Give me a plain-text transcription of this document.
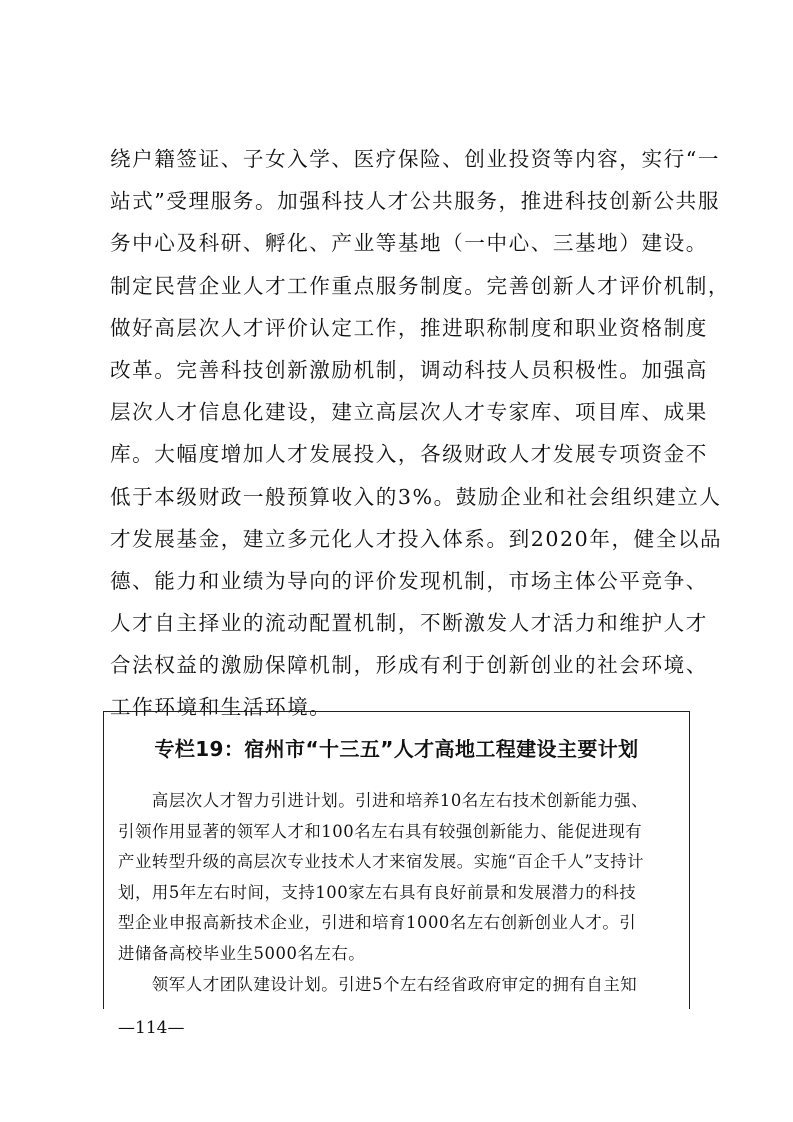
绕户籍签证、子女入学、医疗保险、创业投资等内容，实行“一
站式”受理服务。加强科技人才公共服务，推进科技创新公共服
务中心及科研、孵化、产业等基地（一中心、三基地）建设。
制定民营企业人才工作重点服务制度。完善创新人才评价机制，
做好高层次人才评价认定工作，推进职称制度和职业资格制度
改革。完善科技创新激励机制，调动科技人员积极性。加强高
层次人才信息化建设，建立高层次人才专家库、项目库、成果
库。大幅度增加人才发展投入，各级财政人才发展专项资金不
低于本级财政一般预算收入的3%。鼓励企业和社会组织建立人
才发展基金，建立多元化人才投入体系。到2020年，健全以品
德、能力和业绩为导向的评价发现机制，市场主体公平竞争、
人才自主择业的流动配置机制，不断激发人才活力和维护人才
合法权益的激励保障机制，形成有利于创新创业的社会环境、
工作环境和生活环境。
专栏19：宿州市“十三五”人才高地工程建设主要计划
　　高层次人才智力引进计划。引进和培养10名左右技术创新能力强、
引领作用显著的领军人才和100名左右具有较强创新能力、能促进现有
产业转型升级的高层次专业技术人才来宿发展。实施“百企千人”支持计
划，用5年左右时间，支持100家左右具有良好前景和发展潜力的科技
型企业申报高新技术企业，引进和培育1000名左右创新创业人才。引
进储备高校毕业生5000名左右。
　　领军人才团队建设计划。引进5个左右经省政府审定的拥有自主知
—114—
